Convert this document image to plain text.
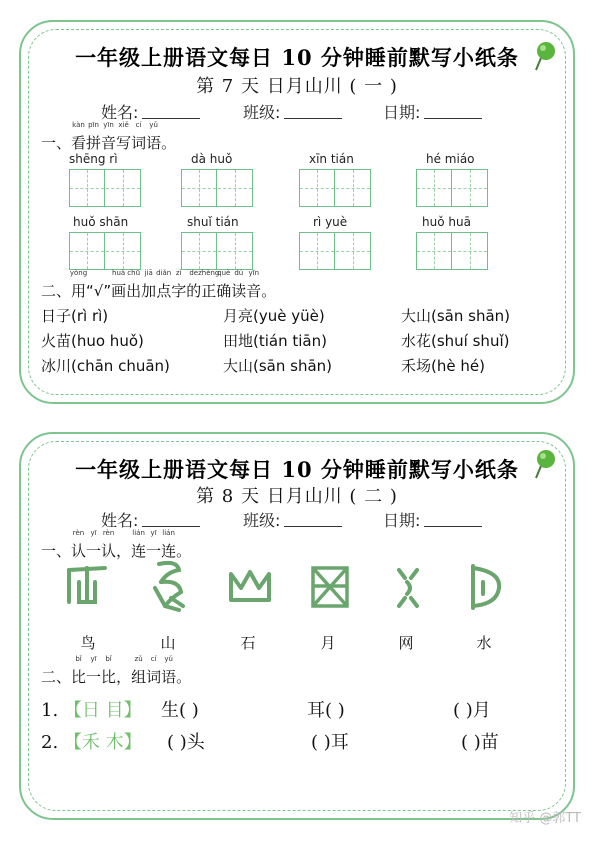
一年级上册语文每日 10 分钟睡前默写小纸条
第 7 天 日月山川 ( 一 )
姓名:	班级:	日期:
一、看
kàn
拼
pīn
音
yīn
写
xiě
词
cí
语
yǔ
。
shēng rì	dà huǒ	xīn tián	hé miáo
huǒ shān	shuǐ tián	rì yuè	huǒ huā
二、用
yòng
“√”画
huà
出
chū
加
jiā
点
diǎn
字
zì
的
de
正
zhèng
确
què
读
dú
音
yīn
。
日子(rì rì)	月亮(yuè yüè)	大山(sān shān)
火苗(huo huǒ)	田地(tián tiān)	水花(shuí shuǐ)
冰川(chān chuān)	大山(sān shān)	禾场(hè hé)
一年级上册语文每日 10 分钟睡前默写小纸条
第 8 天 日月山川 ( 二 )
姓名:	班级:	日期:
一、认
rèn
一
yī
认
rèn
，连
lián
一
yī
连
lián
。
鸟	山	石	月	网	水
二、比
bǐ
一
yī
比
bǐ
，组
zǔ
词
cí
语
yǔ
。
1. 【日 目】 生( )	耳( )	( )月
2. 【禾 木】 ( )头	( )耳	( )苗
知乎 @郭TT
